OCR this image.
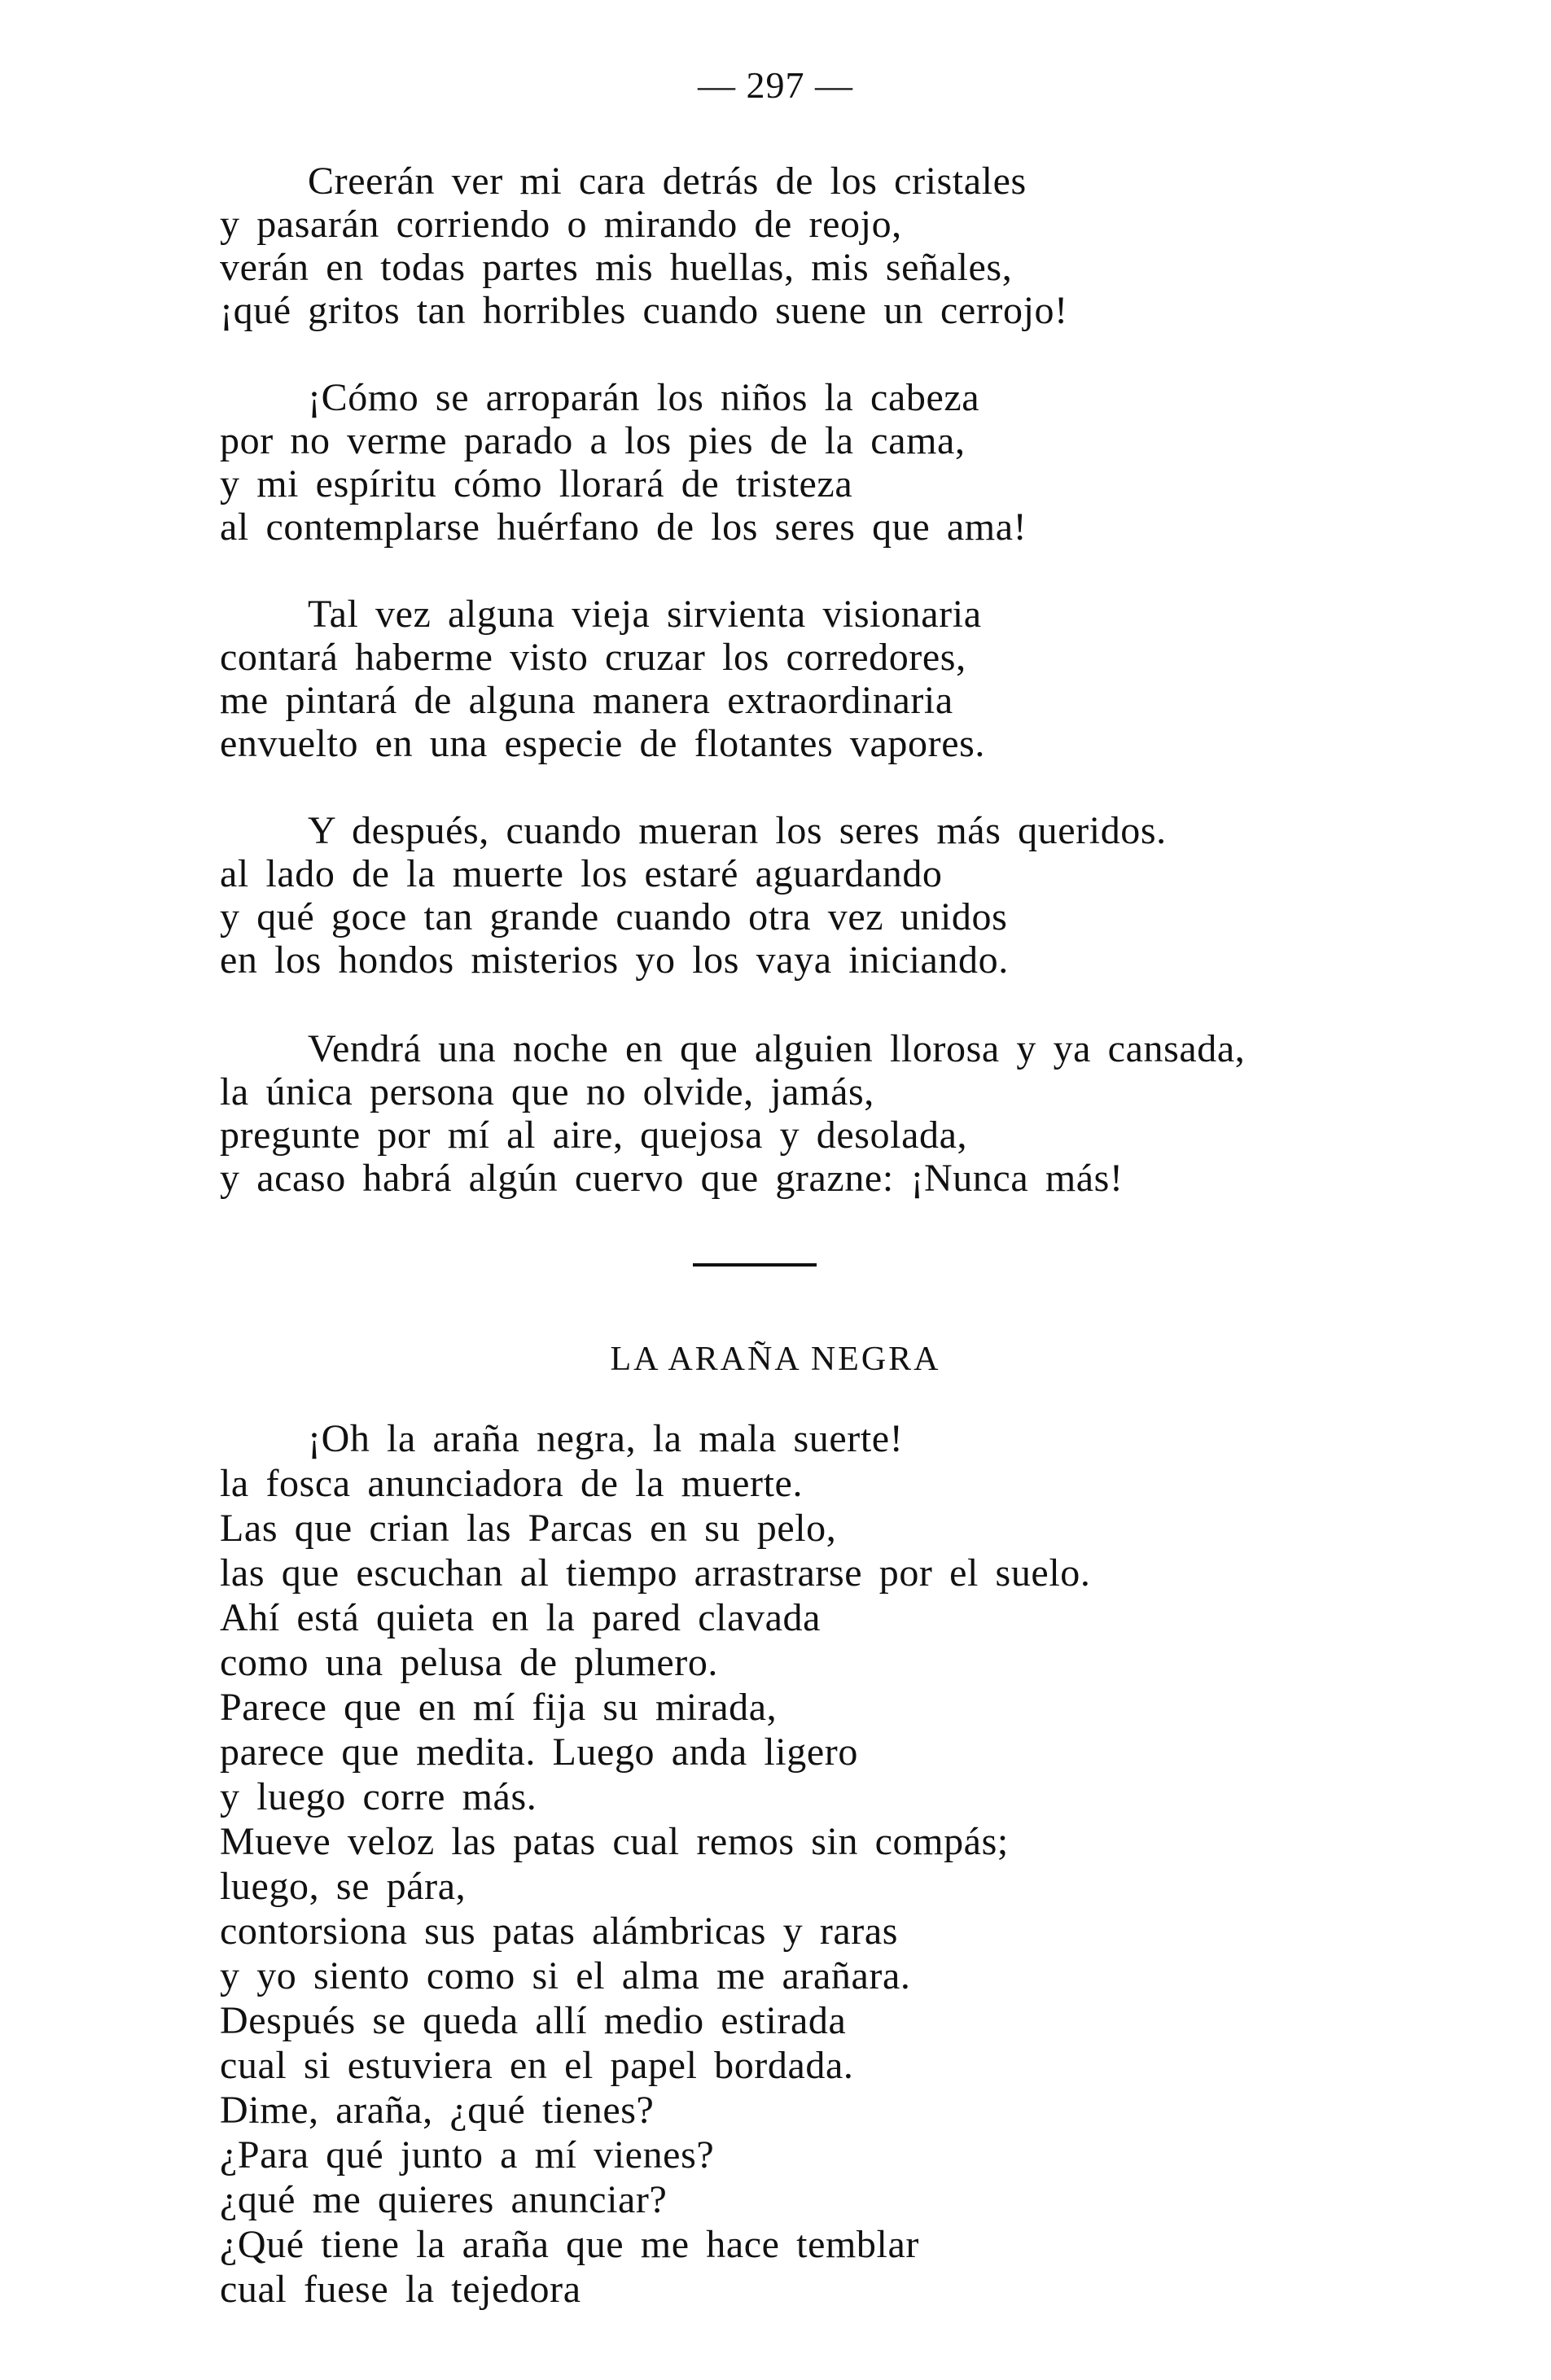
— 297 —
Creerán ver mi cara detrás de los cristales
y pasarán corriendo o mirando de reojo,
verán en todas partes mis huellas, mis señales,
¡qué gritos tan horribles cuando suene un cerrojo!
¡Cómo se arroparán los niños la cabeza
por no verme parado a los pies de la cama,
y mi espíritu cómo llorará de tristeza
al contemplarse huérfano de los seres que ama!
Tal vez alguna vieja sirvienta visionaria
contará haberme visto cruzar los corredores,
me pintará de alguna manera extraordinaria
envuelto en una especie de flotantes vapores.
Y después, cuando mueran los seres más queridos.
al lado de la muerte los estaré aguardando
y qué goce tan grande cuando otra vez unidos
en los hondos misterios yo los vaya iniciando.
Vendrá una noche en que alguien llorosa y ya cansada,
la única persona que no olvide, jamás,
pregunte por mí al aire, quejosa y desolada,
y acaso habrá algún cuervo que grazne: ¡Nunca más!
LA ARAÑA NEGRA
¡Oh la araña negra, la mala suerte!
la fosca anunciadora de la muerte.
Las que crian las Parcas en su pelo,
las que escuchan al tiempo arrastrarse por el suelo.
Ahí está quieta en la pared clavada
como una pelusa de plumero.
Parece que en mí fija su mirada,
parece que medita. Luego anda ligero
y luego corre más.
Mueve veloz las patas cual remos sin compás;
luego, se pára,
contorsiona sus patas alámbricas y raras
y yo siento como si el alma me arañara.
Después se queda allí medio estirada
cual si estuviera en el papel bordada.
Dime, araña, ¿qué tienes?
¿Para qué junto a mí vienes?
¿qué me quieres anunciar?
¿Qué tiene la araña que me hace temblar
cual fuese la tejedora
